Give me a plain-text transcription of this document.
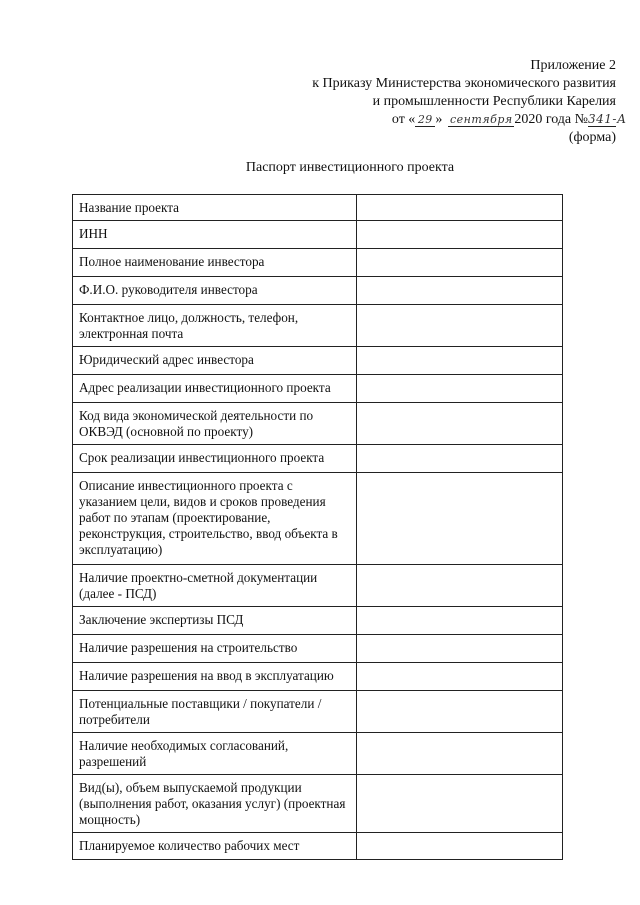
Приложение 2
к Приказу Министерства экономического развития
и промышленности Республики Карелия
от « 29 » сентября 2020 года №341-А
(форма)
Паспорт инвестиционного проекта
Название проекта	
ИНН	
Полное наименование инвестора	
Ф.И.О. руководителя инвестора	
Контактное лицо, должность, телефон, электронная почта	
Юридический адрес инвестора	
Адрес реализации инвестиционного проекта	
Код вида экономической деятельности по ОКВЭД (основной по проекту)	
Срок реализации инвестиционного проекта	
Описание инвестиционного проекта с указанием цели, видов и сроков проведения работ по этапам (проектирование, реконструкция, строительство, ввод объекта в эксплуатацию)	
Наличие проектно-сметной документации (далее - ПСД)	
Заключение экспертизы ПСД	
Наличие разрешения на строительство	
Наличие разрешения на ввод в эксплуатацию	
Потенциальные поставщики / покупатели / потребители	
Наличие необходимых согласований, разрешений	
Вид(ы), объем выпускаемой продукции (выполнения работ, оказания услуг) (проектная мощность)	
Планируемое количество рабочих мест	
